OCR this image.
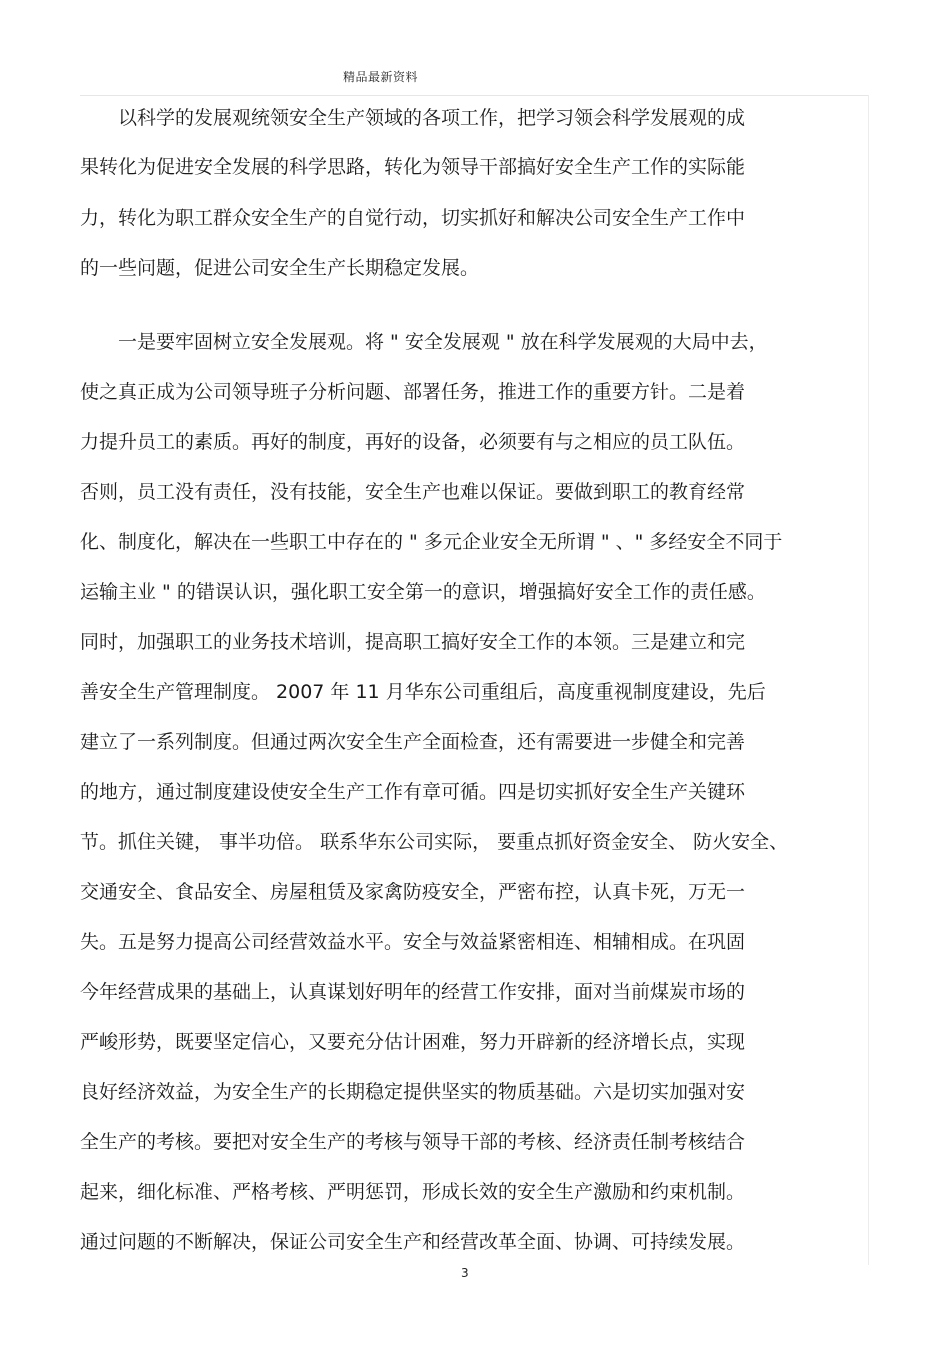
精品最新资料
以科学的发展观统领安全生产领域的各项工作，把学习领会科学发展观的成
果转化为促进安全发展的科学思路，转化为领导干部搞好安全生产工作的实际能
力，转化为职工群众安全生产的自觉行动，切实抓好和解决公司安全生产工作中
的一些问题，促进公司安全生产长期稳定发展。
一是要牢固树立安全发展观。将 " 安全发展观 " 放在科学发展观的大局中去，
使之真正成为公司领导班子分析问题、部署任务，推进工作的重要方针。二是着
力提升员工的素质。再好的制度，再好的设备，必须要有与之相应的员工队伍。
否则，员工没有责任，没有技能，安全生产也难以保证。要做到职工的教育经常
化、制度化，解决在一些职工中存在的 " 多元企业安全无所谓 " 、" 多经安全不同于
运输主业 " 的错误认识，强化职工安全第一的意识，增强搞好安全工作的责任感。
同时，加强职工的业务技术培训，提高职工搞好安全工作的本领。三是建立和完
善安全生产管理制度。 2007 年 11 月华东公司重组后，高度重视制度建设，先后
建立了一系列制度。但通过两次安全生产全面检查，还有需要进一步健全和完善
的地方，通过制度建设使安全生产工作有章可循。四是切实抓好安全生产关键环
节。抓住关键， 事半功倍。 联系华东公司实际， 要重点抓好资金安全、 防火安全、
交通安全、食品安全、房屋租赁及家禽防疫安全，严密布控，认真卡死，万无一
失。五是努力提高公司经营效益水平。安全与效益紧密相连、相辅相成。在巩固
今年经营成果的基础上，认真谋划好明年的经营工作安排，面对当前煤炭市场的
严峻形势，既要坚定信心，又要充分估计困难，努力开辟新的经济增长点，实现
良好经济效益，为安全生产的长期稳定提供坚实的物质基础。六是切实加强对安
全生产的考核。要把对安全生产的考核与领导干部的考核、经济责任制考核结合
起来，细化标准、严格考核、严明惩罚，形成长效的安全生产激励和约束机制。
通过问题的不断解决，保证公司安全生产和经营改革全面、协调、可持续发展。
3
